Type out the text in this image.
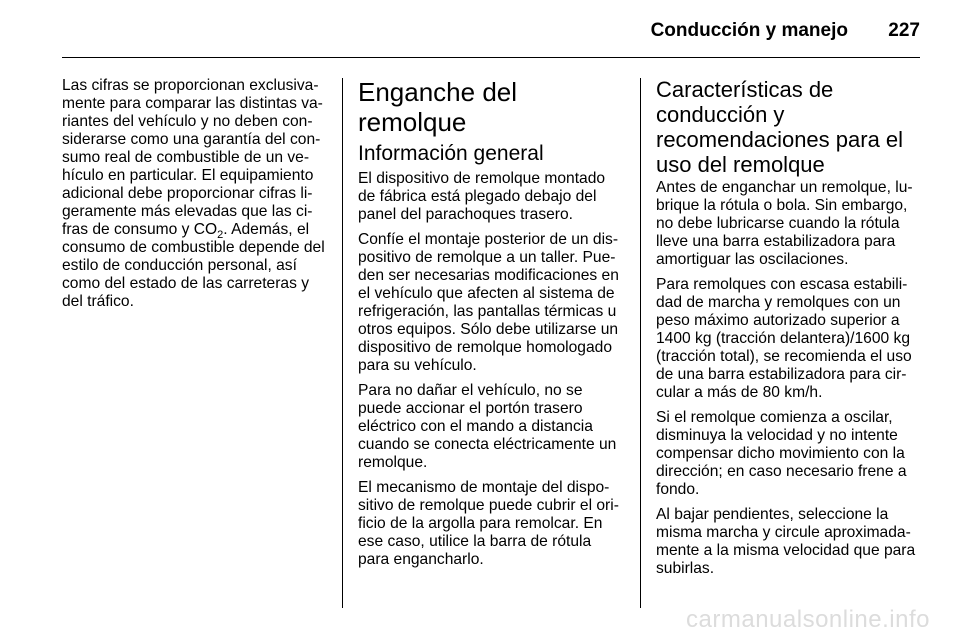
Conducción y manejo	227

Las cifras se proporcionan exclusiva-mente para comparar las distintas va-riantes del vehículo y no deben con-siderarse como una garantía del con-sumo real de combustible de un ve-hículo en particular. El equipamiento adicional debe proporcionar cifras li-geramente más elevadas que las ci-fras de consumo y $CO_2$. Además, el consumo de combustible depende del estilo de conducción personal, así como del estado de las carreteras y del tráfico.

Enganche del remolque
Información general

El dispositivo de remolque montado de fábrica está plegado debajo del panel del parachoques trasero.

Confíe el montaje posterior de un dis-positivo de remolque a un taller. Pue-den ser necesarias modificaciones en el vehículo que afecten al sistema de refrigeración, las pantallas térmicas u otros equipos. Sólo debe utilizarse un dispositivo de remolque homologado para su vehículo.

Para no dañar el vehículo, no se puede accionar el portón trasero eléctrico con el mando a distancia cuando se conecta eléctricamente un remolque.

El mecanismo de montaje del dispo-sitivo de remolque puede cubrir el ori-ficio de la argolla para remolcar. En ese caso, utilice la barra de rótula para engancharlo.

Características de conducción y recomendaciones para el uso del remolque

Antes de enganchar un remolque, lu-brique la rótula o bola. Sin embargo, no debe lubricarse cuando la rótula lleve una barra estabilizadora para amortiguar las oscilaciones.

Para remolques con escasa estabili-dad de marcha y remolques con un peso máximo autorizado superior a 1400 kg (tracción delantera)/1600 kg (tracción total), se recomienda el uso de una barra estabilizadora para cir-cular a más de 80 km/h.

Si el remolque comienza a oscilar, disminuya la velocidad y no intente compensar dicho movimiento con la dirección; en caso necesario frene a fondo.

Al bajar pendientes, seleccione la misma marcha y circule aproximada-mente a la misma velocidad que para subirlas.

carmanualsonline.info
